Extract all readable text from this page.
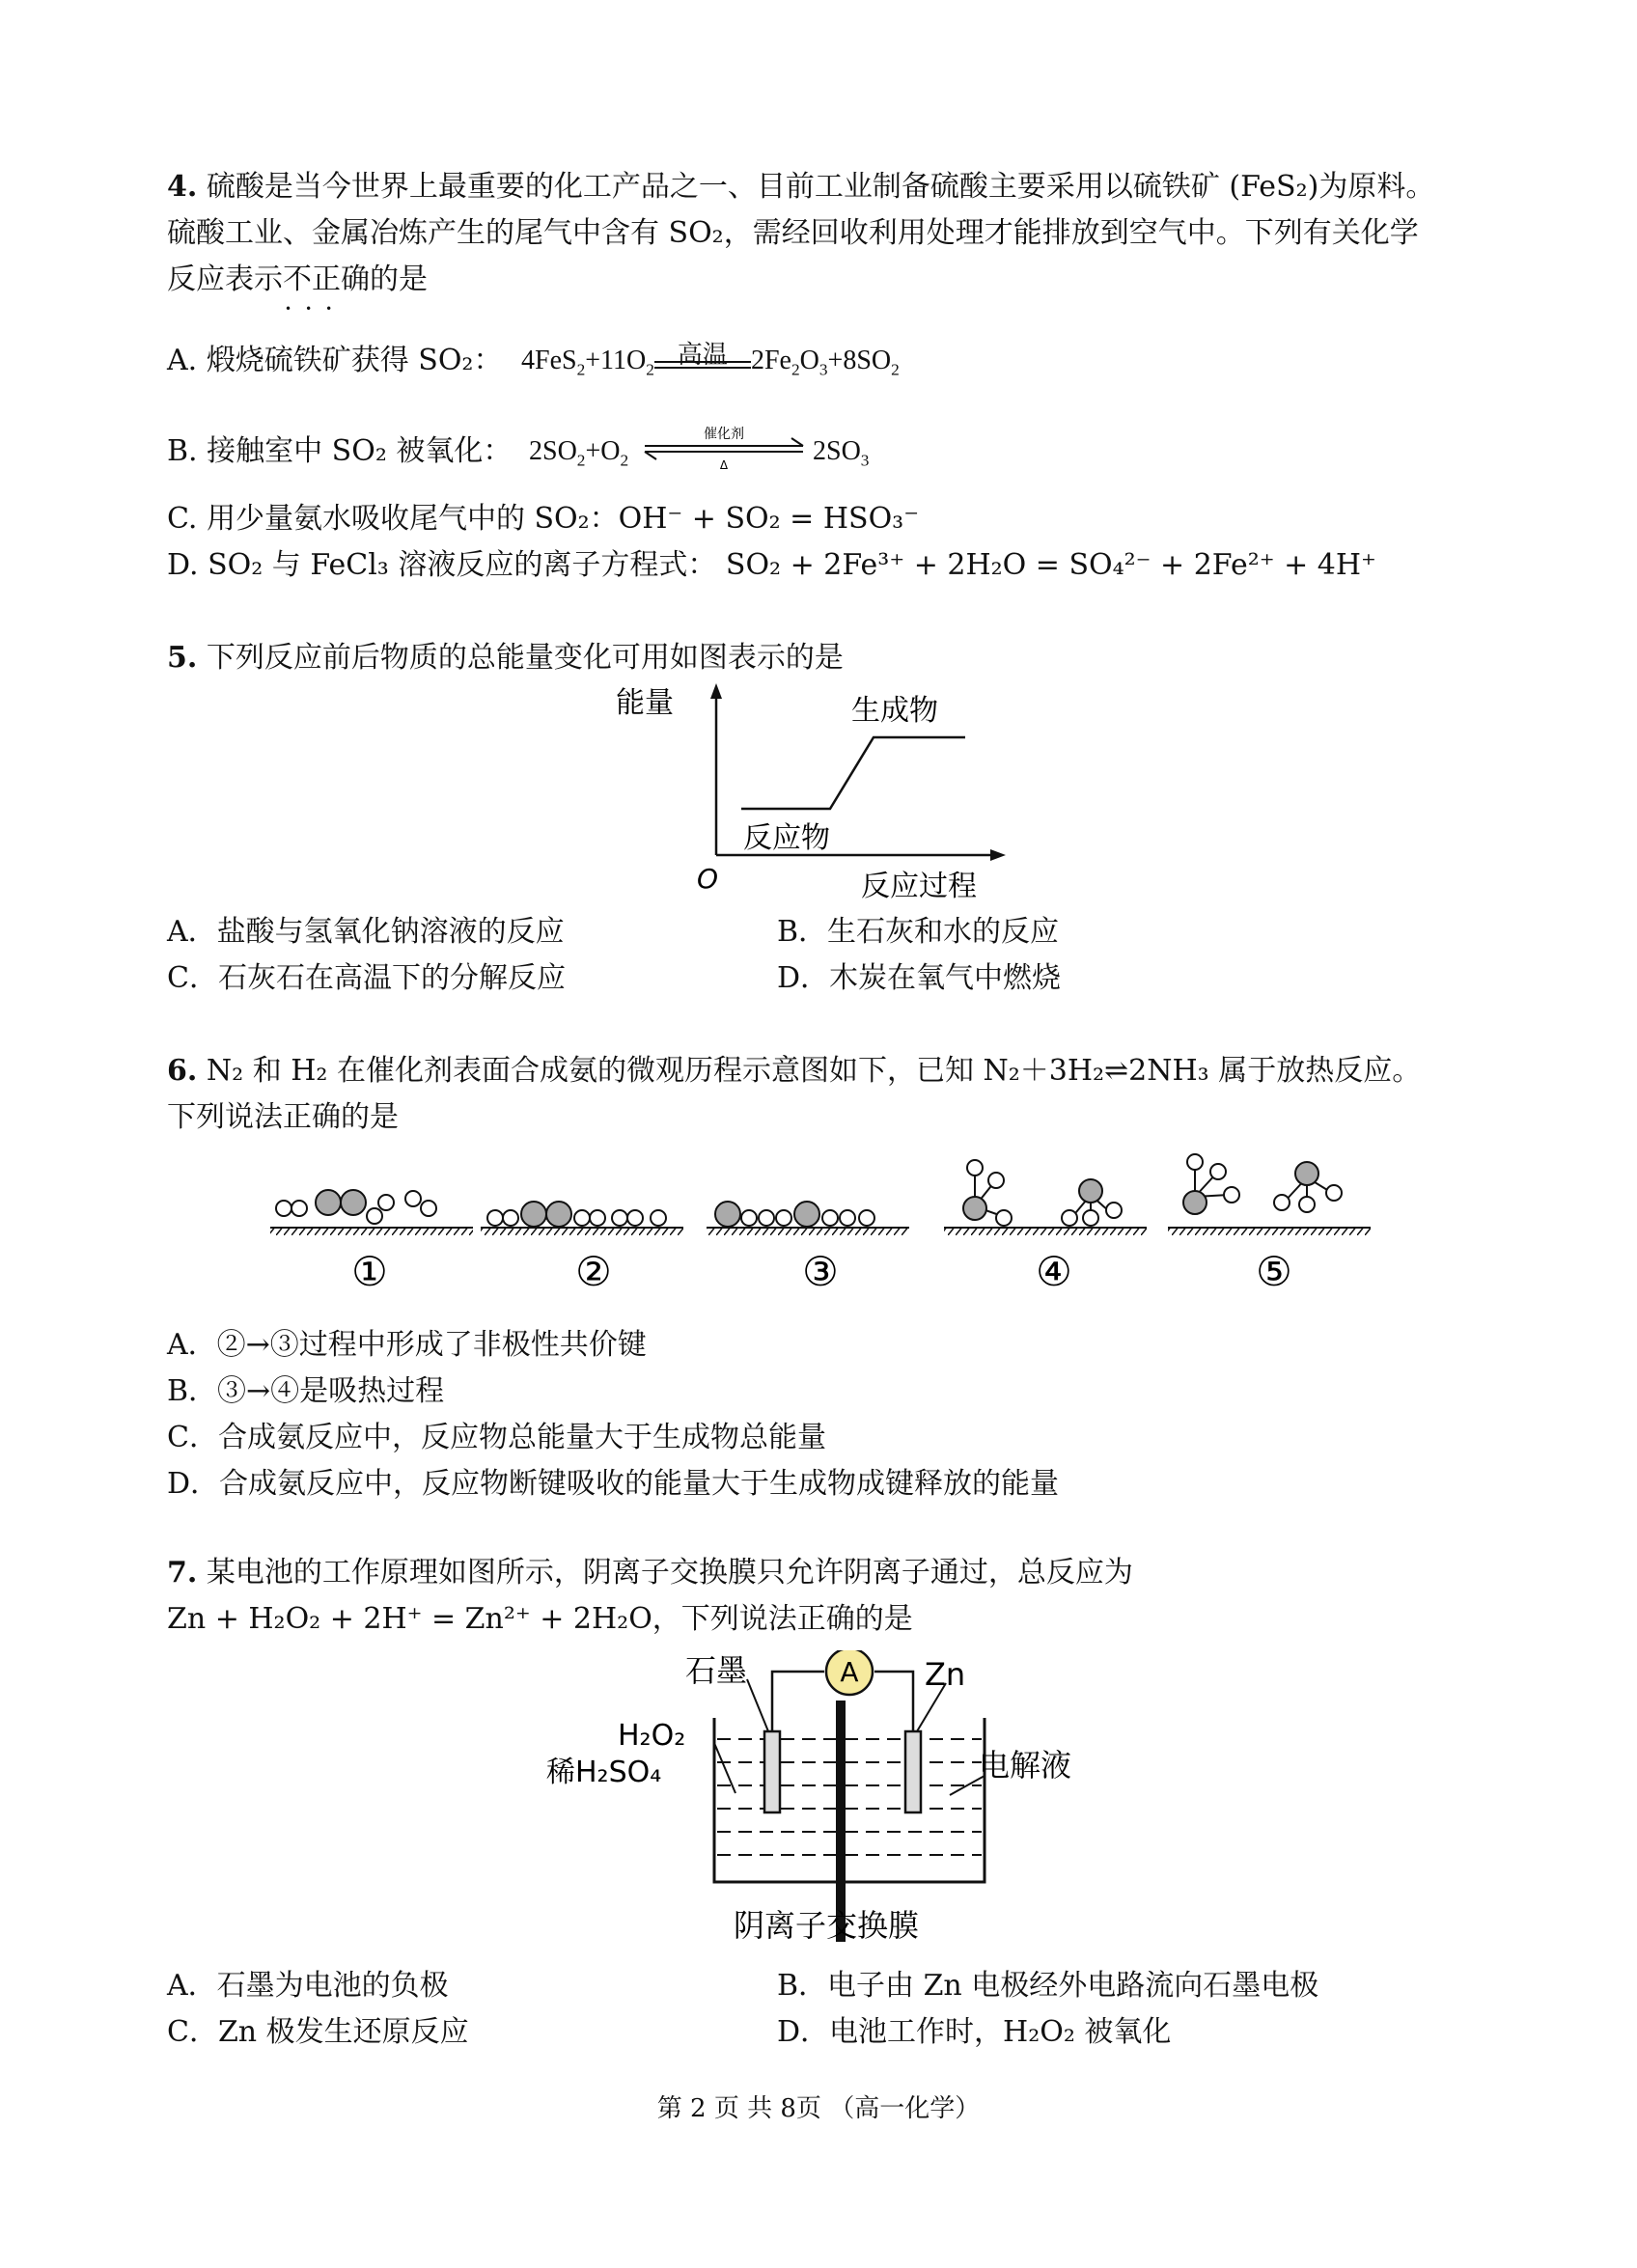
4. 硫酸是当今世界上最重要的化工产品之一、目前工业制备硫酸主要采用以硫铁矿 (FeS₂)为原料。
硫酸工业、金属冶炼产生的尾气中含有 SO₂，需经回收利用处理才能排放到空气中。下列有关化学
反应表示不正确 •••的是
A. 煅烧硫铁矿获得 SO₂： $4FeS_2+11O_2$
高温 $2Fe_2O_3+8SO_2$
B. 接触室中 SO₂ 被氧化： $2SO_2+O_2$
催化剂
Δ	$2SO_3$
C. 用少量氨水吸收尾气中的 SO₂：OH⁻ + SO₂ = HSO₃⁻
D. SO₂ 与 FeCl₃ 溶液反应的离子方程式： SO₂ + 2Fe³⁺ + 2H₂O = SO₄²⁻ + 2Fe²⁺ + 4H⁺
5. 下列反应前后物质的总能量变化可用如图表示的是
能量	生成物
反应物
O	反应过程
A．盐酸与氢氧化钠溶液的反应	B．生石灰和水的反应
C．石灰石在高温下的分解反应	D．木炭在氧气中燃烧
6. N₂ 和 H₂ 在催化剂表面合成氨的微观历程示意图如下，已知 N₂＋3H₂⇌2NH₃ 属于放热反应。
下列说法正确的是
①	②	③	④	⑤
A．②→③过程中形成了非极性共价键
B．③→④是吸热过程
C．合成氨反应中，反应物总能量大于生成物总能量
D．合成氨反应中，反应物断键吸收的能量大于生成物成键释放的能量
7. 某电池的工作原理如图所示，阴离子交换膜只允许阴离子通过，总反应为
Zn + H₂O₂ + 2H⁺ = Zn²⁺ + 2H₂O，下列说法正确的是
A
石墨	Zn
H₂O₂
稀H₂SO₄	电解液
阴离子交换膜
A．石墨为电池的负极	B．电子由 Zn 电极经外电路流向石墨电极
C．Zn 极发生还原反应	D．电池工作时，H₂O₂ 被氧化
第 2 页 共 8页 （高一化学）
